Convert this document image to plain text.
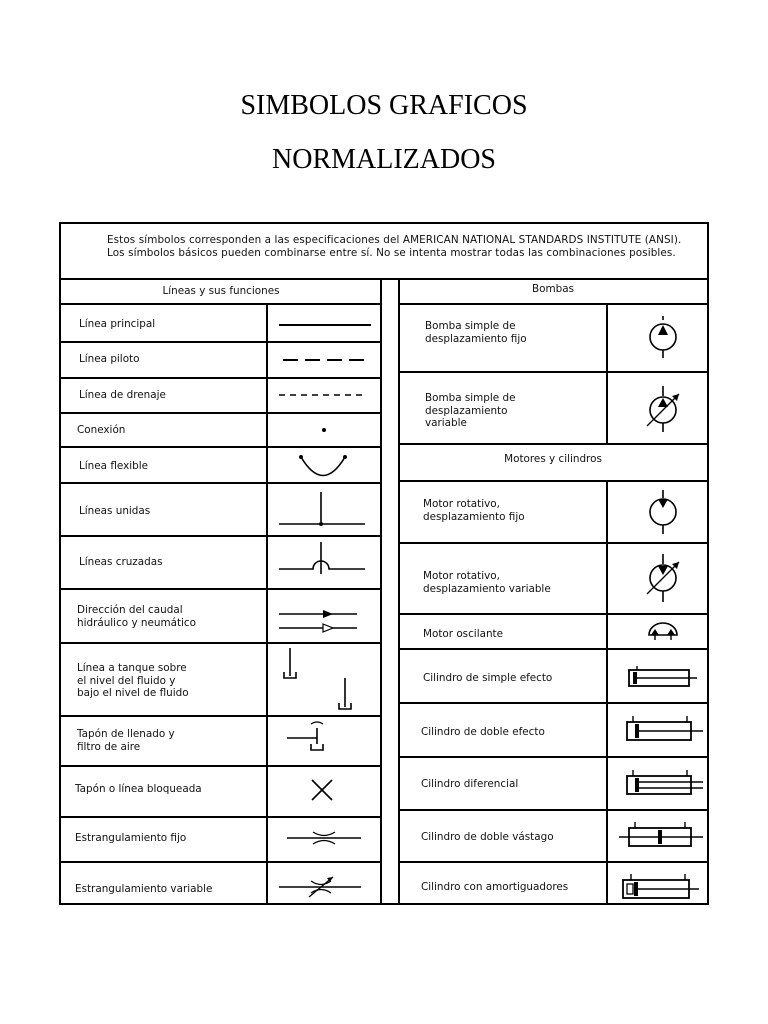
SIMBOLOS GRAFICOS
NORMALIZADOS
Estos símbolos corresponden a las especificaciones del AMERICAN NATIONAL STANDARDS INSTITUTE (ANSI). Los símbolos básicos pueden combinarse entre sí. No se intenta mostrar todas las combinaciones posibles.
Líneas y sus funciones	Bombas
Línea principal
Línea piloto
Línea de drenaje
Conexión
Línea flexible
Líneas unidas
Líneas cruzadas
Dirección del caudal hidráulico y neumático
Línea a tanque sobre el nivel del fluido y bajo el nivel de fluido
Tapón de llenado y filtro de aire
Tapón o línea bloqueada
Estrangulamiento fijo
Estrangulamiento variable
Bomba simple de desplazamiento fijo
Bomba simple de desplazamiento variable
Motores y cilindros
Motor rotativo, desplazamiento fijo
Motor rotativo, desplazamiento variable
Motor oscilante
Cilindro de simple efecto
Cilindro de doble efecto
Cilindro diferencial
Cilindro de doble vástago
Cilindro con amortiguadores
